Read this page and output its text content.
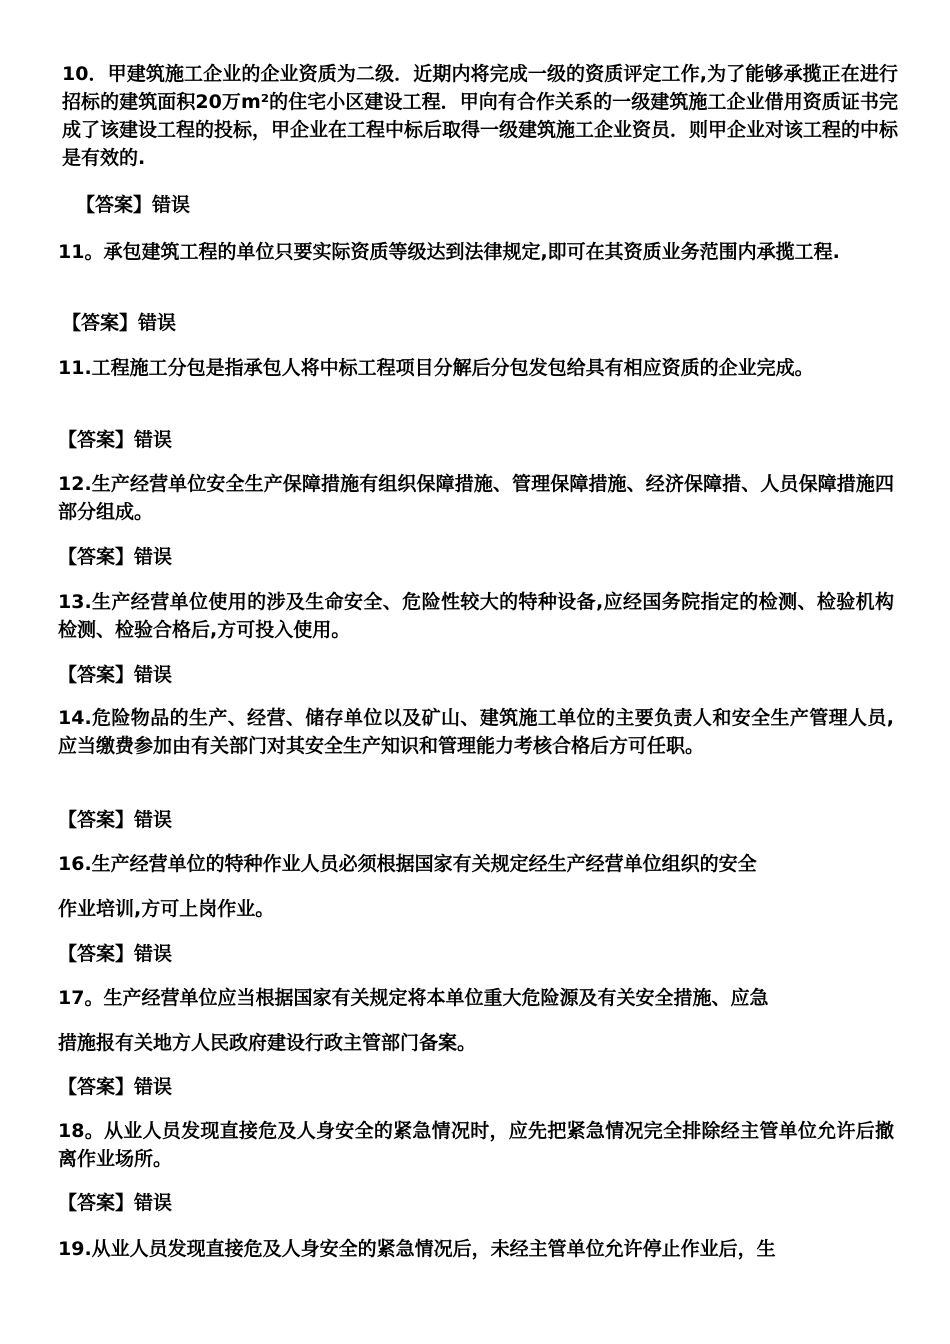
10．甲建筑施工企业的企业资质为二级．近期内将完成一级的资质评定工作,为了能够承揽正在进行招标的建筑面积20万m²的住宅小区建设工程．甲向有合作关系的一级建筑施工企业借用资质证书完成了该建设工程的投标，甲企业在工程中标后取得一级建筑施工企业资员．则甲企业对该工程的中标是有效的.
【答案】错误
11。承包建筑工程的单位只要实际资质等级达到法律规定,即可在其资质业务范围内承揽工程.
【答案】错误
11.工程施工分包是指承包人将中标工程项目分解后分包发包给具有相应资质的企业完成。
【答案】错误
12.生产经营单位安全生产保障措施有组织保障措施、管理保障措施、经济保障措、人员保障措施四部分组成。
【答案】错误
13.生产经营单位使用的涉及生命安全、危险性较大的特种设备,应经国务院指定的检测、检验机构检测、检验合格后,方可投入使用。
【答案】错误
14.危险物品的生产、经营、储存单位以及矿山、建筑施工单位的主要负责人和安全生产管理人员,应当缴费参加由有关部门对其安全生产知识和管理能力考核合格后方可任职。
【答案】错误
16.生产经营单位的特种作业人员必须根据国家有关规定经生产经营单位组织的安全
作业培训,方可上岗作业。
【答案】错误
17。生产经营单位应当根据国家有关规定将本单位重大危险源及有关安全措施、应急
措施报有关地方人民政府建设行政主管部门备案。
【答案】错误
18。从业人员发现直接危及人身安全的紧急情况时，应先把紧急情况完全排除经主管单位允许后撤离作业场所。
【答案】错误
19.从业人员发现直接危及人身安全的紧急情况后，未经主管单位允许停止作业后，生
